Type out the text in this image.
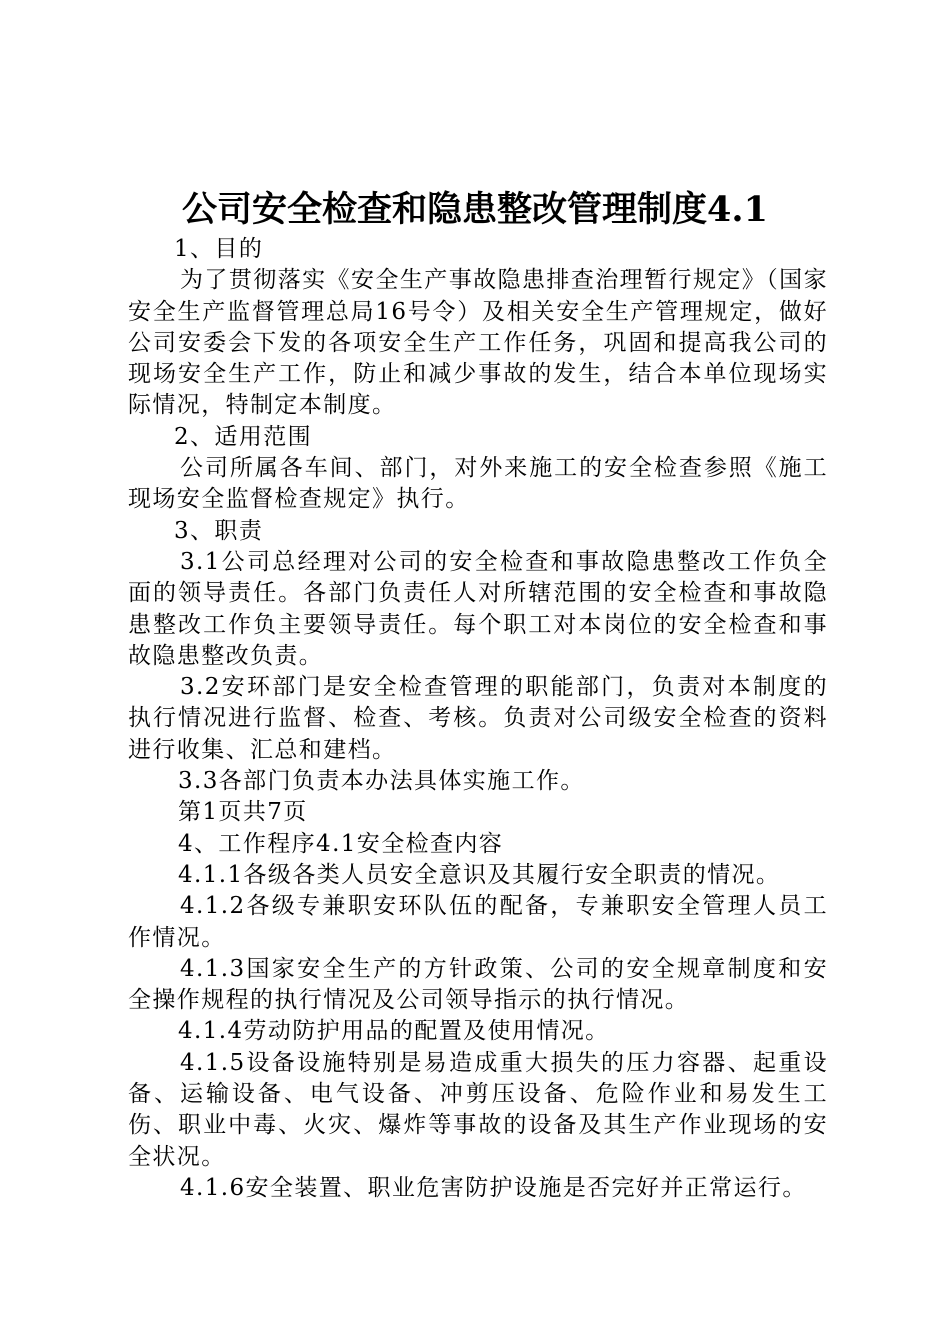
公司安全检查和隐患整改管理制度4.1

1、目的

为了贯彻落实《安全生产事故隐患排查治理暂行规定》（国家安全生产监督管理总局16号令）及相关安全生产管理规定，做好公司安委会下发的各项安全生产工作任务，巩固和提高我公司的现场安全生产工作，防止和减少事故的发生，结合本单位现场实际情况，特制定本制度。

2、适用范围

公司所属各车间、部门，对外来施工的安全检查参照《施工现场安全监督检查规定》执行。

3、职责

3.1公司总经理对公司的安全检查和事故隐患整改工作负全面的领导责任。各部门负责任人对所辖范围的安全检查和事故隐患整改工作负主要领导责任。每个职工对本岗位的安全检查和事故隐患整改负责。

3.2安环部门是安全检查管理的职能部门，负责对本制度的执行情况进行监督、检查、考核。负责对公司级安全检查的资料进行收集、汇总和建档。

3.3各部门负责本办法具体实施工作。

第1页共7页

4、工作程序4.1安全检查内容

4.1.1各级各类人员安全意识及其履行安全职责的情况。

4.1.2各级专兼职安环队伍的配备，专兼职安全管理人员工作情况。

4.1.3国家安全生产的方针政策、公司的安全规章制度和安全操作规程的执行情况及公司领导指示的执行情况。

4.1.4劳动防护用品的配置及使用情况。

4.1.5设备设施特别是易造成重大损失的压力容器、起重设备、运输设备、电气设备、冲剪压设备、危险作业和易发生工伤、职业中毒、火灾、爆炸等事故的设备及其生产作业现场的安全状况。

4.1.6安全装置、职业危害防护设施是否完好并正常运行。
